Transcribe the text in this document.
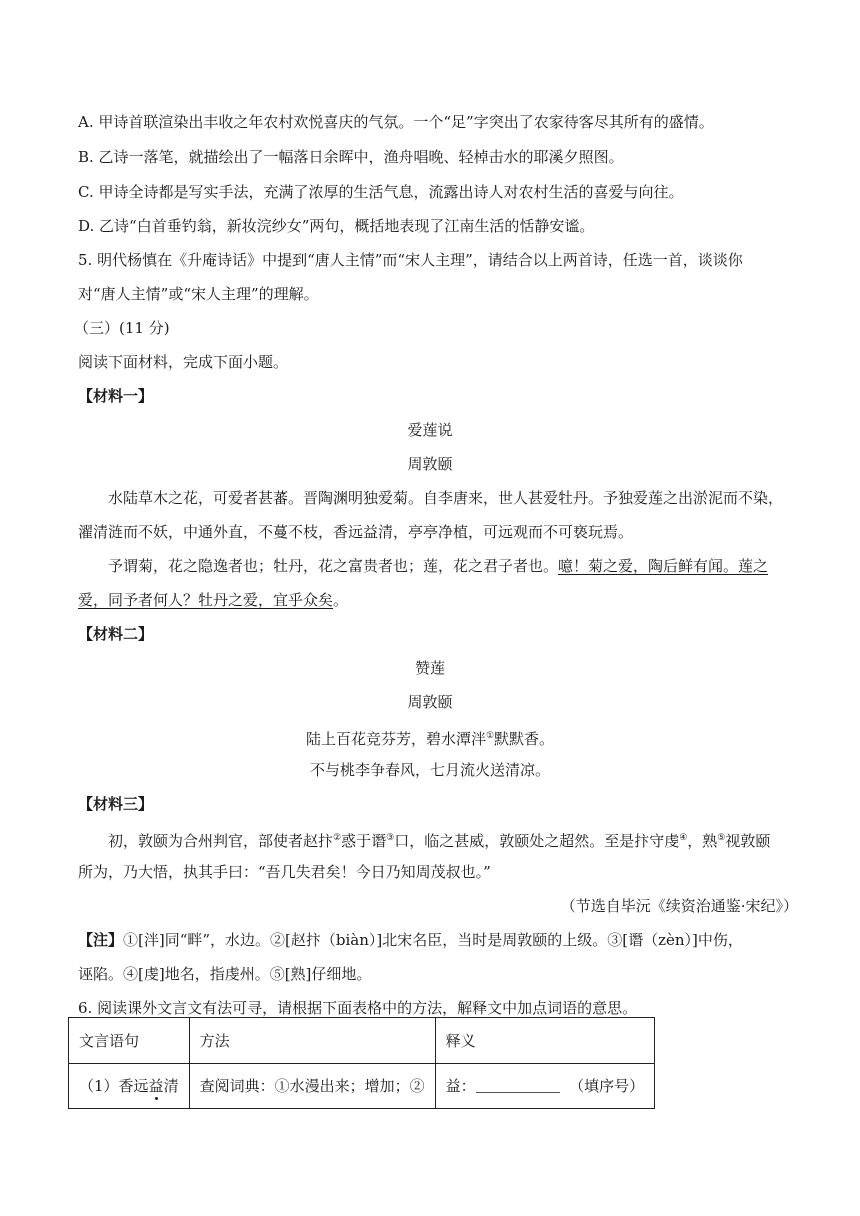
A. 甲诗首联渲染出丰收之年农村欢悦喜庆的气氛。一个“足”字突出了农家待客尽其所有的盛情。
B. 乙诗一落笔，就描绘出了一幅落日余晖中，渔舟唱晚、轻棹击水的耶溪夕照图。
C. 甲诗全诗都是写实手法，充满了浓厚的生活气息，流露出诗人对农村生活的喜爱与向往。
D. 乙诗“白首垂钓翁，新妆浣纱女”两句，概括地表现了江南生活的恬静安谧。
5. 明代杨慎在《升庵诗话》中提到“唐人主情”而“宋人主理”，请结合以上两首诗，任选一首，谈谈你
对“唐人主情”或“宋人主理”的理解。
（三）(11 分)
阅读下面材料，完成下面小题。
【材料一】
爱莲说
周敦颐
水陆草木之花，可爱者甚蕃。晋陶渊明独爱菊。自李唐来，世人甚爱牡丹。予独爱莲之出淤泥而不染，
濯清涟而不妖，中通外直，不蔓不枝，香远益清，亭亭净植，可远观而不可亵玩焉。
予谓菊，花之隐逸者也；牡丹，花之富贵者也；莲，花之君子者也。噫！菊之爱，陶后鲜有闻。莲之
爱，同予者何人？牡丹之爱，宜乎众矣。
【材料二】
赞莲
周敦颐
陆上百花竞芬芳，碧水潭泮①默默香。
不与桃李争春风，七月流火送清凉。
【材料三】
初，敦颐为合州判官，部使者赵抃②惑于谮③口，临之甚威，敦颐处之超然。至是抃守虔④，熟⑤视敦颐
所为，乃大悟，执其手曰：“吾几失君矣！今日乃知周茂叔也。”
（节选自毕沅《续资治通鉴·宋纪》）
【注】①[泮]同“畔”，水边。②[赵抃（biàn）]北宋名臣，当时是周敦颐的上级。③[谮（zèn）]中伤，
诬陷。④[虔]地名，指虔州。⑤[熟]仔细地。
6. 阅读课外文言文有法可寻，请根据下面表格中的方法，解释文中加点词语的意思。
文言语句	方法	释义
（1）香远益清	查阅词典：①水漫出来；增加；②	益： （填序号）
